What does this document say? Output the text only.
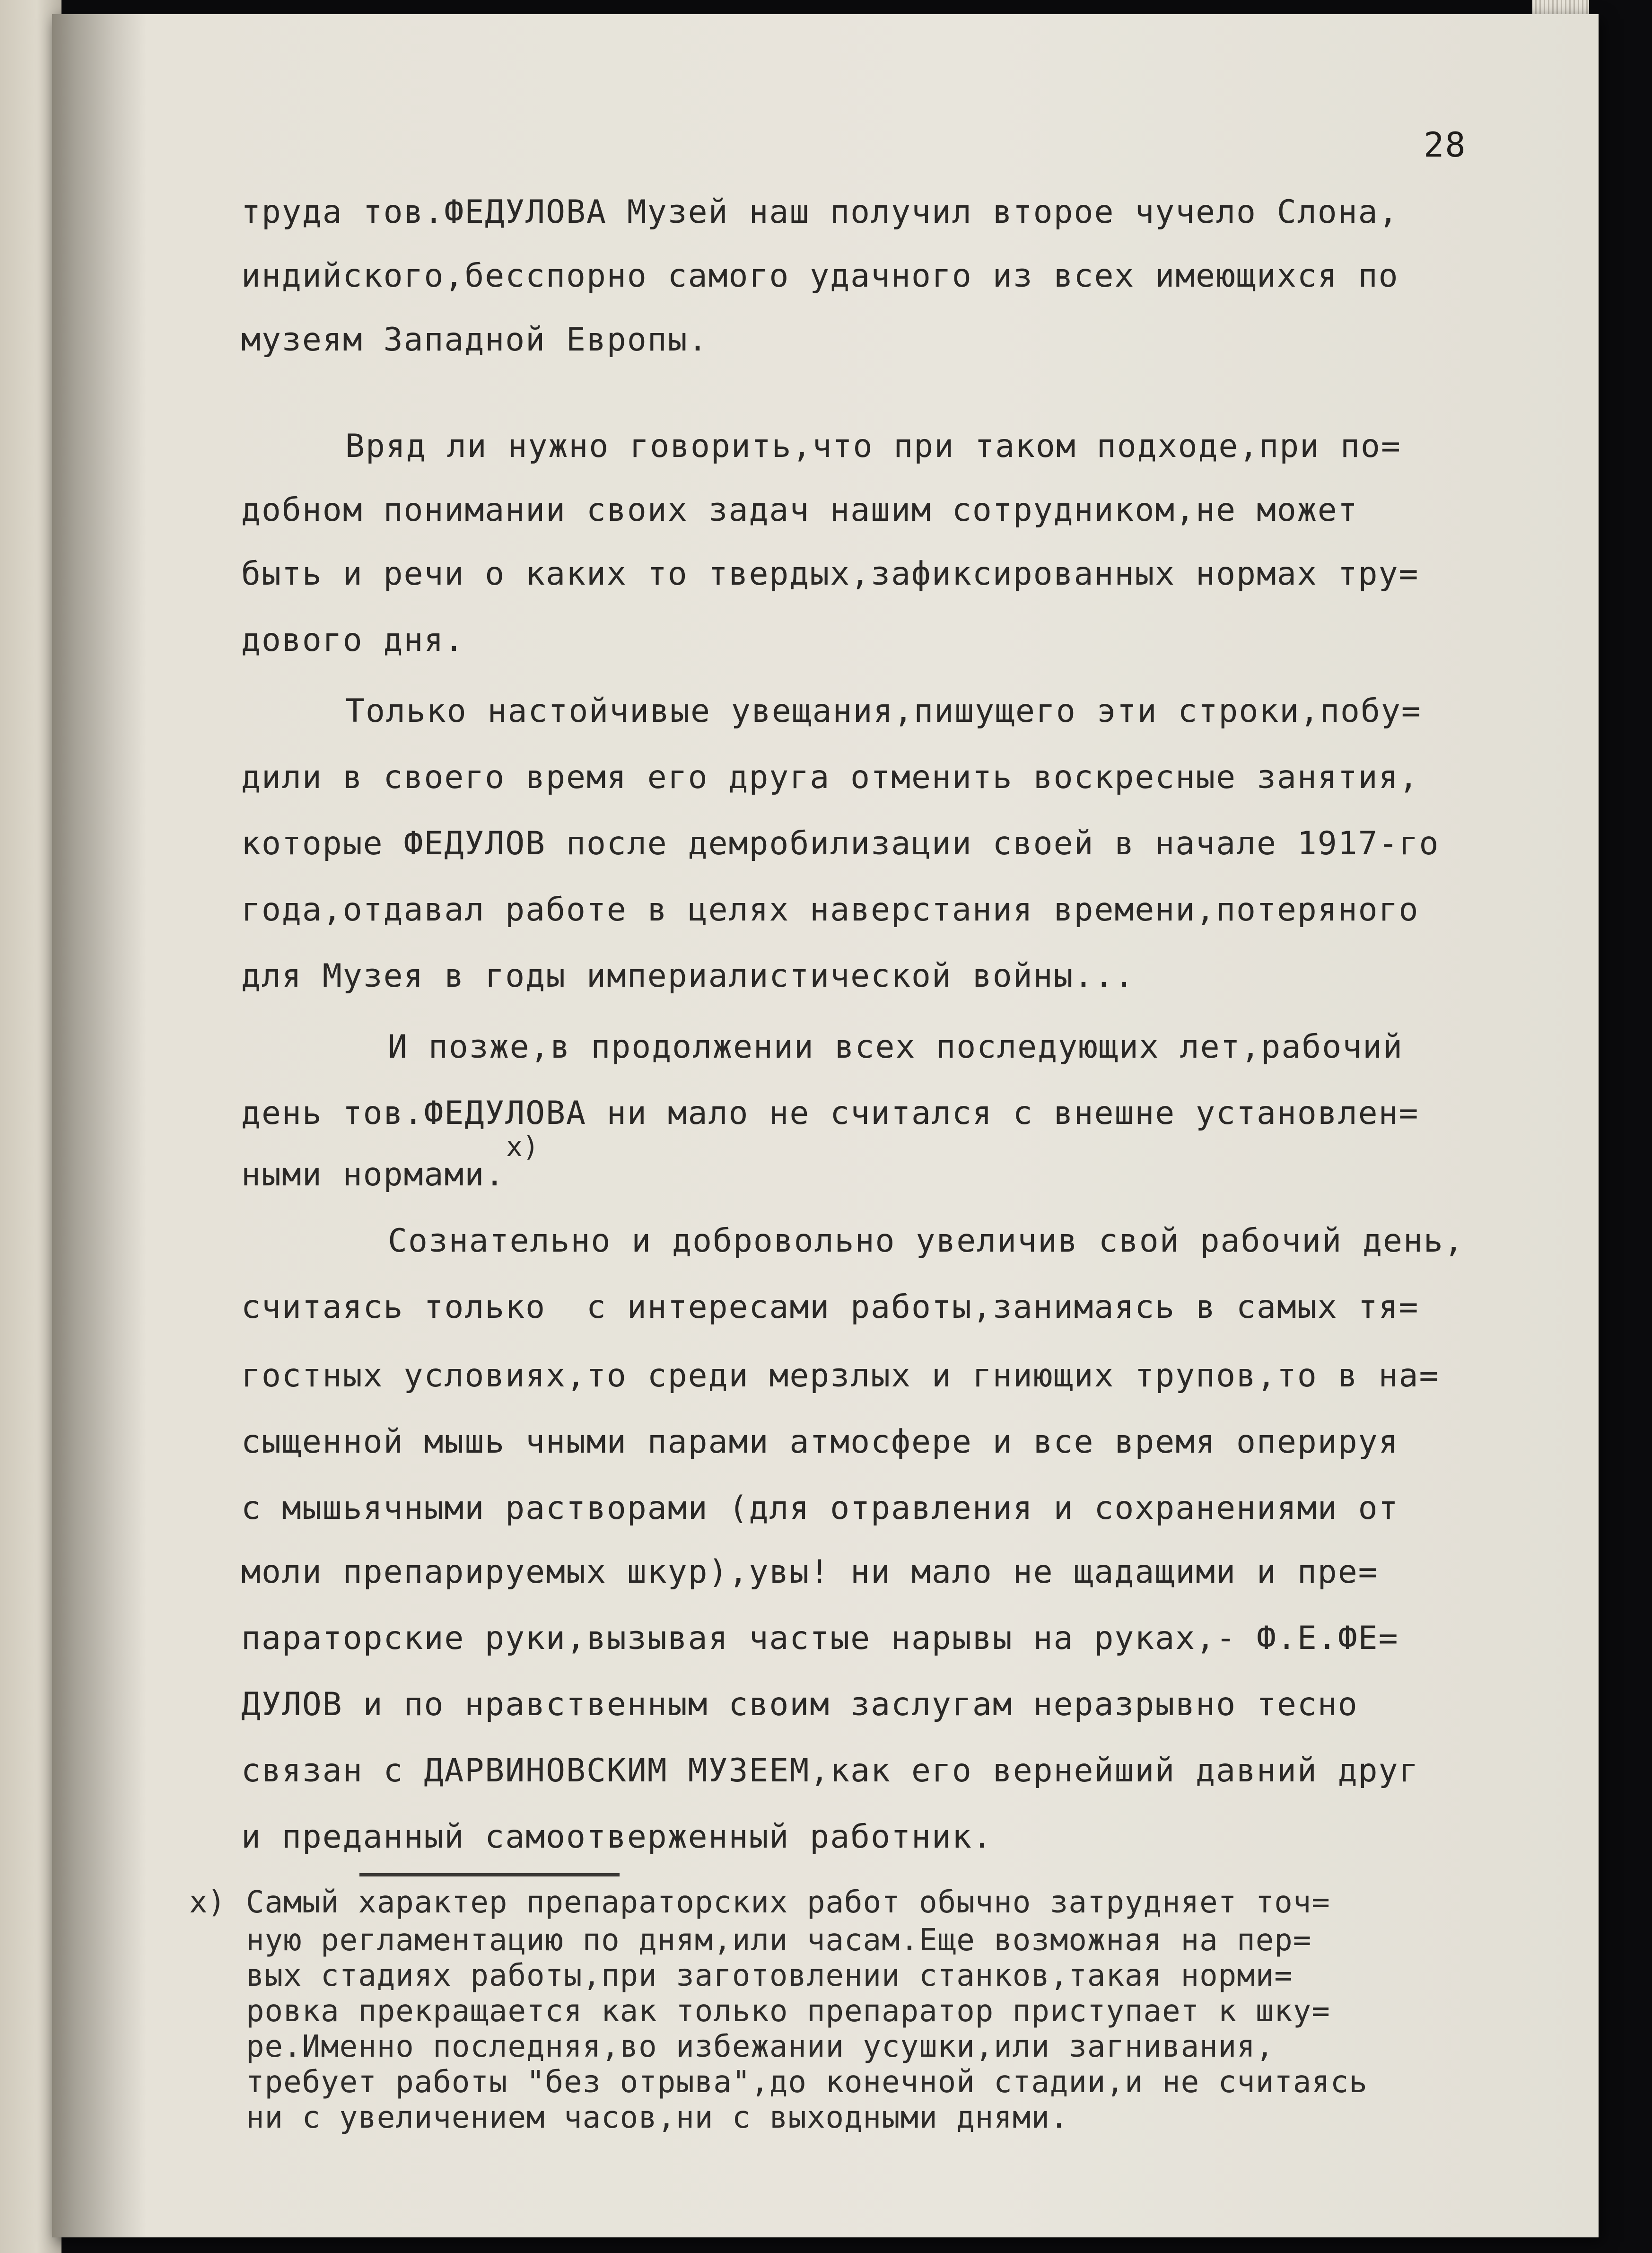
28
труда тов.ФЕДУЛОВА Музей наш получил второе чучело Слона,
индийского,бесспорно самого удачного из всех имеющихся по
музеям Западной Европы.
Вряд ли нужно говорить,что при таком подходе,при по=
добном понимании своих задач нашим сотрудником,не может
быть и речи о каких то твердых,зафиксированных нормах тру=
дового дня.
Только настойчивые увещания,пишущего эти строки,побу=
дили в своего время его друга отменить воскресные занятия,
которые ФЕДУЛОВ после демробилизации своей в начале 1917-го
года,отдавал работе в целях наверстания времени,потеряного
для Музея в годы империалистической войны...
И позже,в продолжении всех последующих лет,рабочий
день тов.ФЕДУЛОВА ни мало не считался с внешне установлен=
x)
ными нормами.
Сознательно и добровольно увеличив свой рабочий день,
считаясь только  с интересами работы,занимаясь в самых тя=
гостных условиях,то среди мерзлых и гниющих трупов,то в на=
сыщенной мышь чными парами атмосфере и все время оперируя
с мышьячными растворами (для отравления и сохранениями от
моли препарируемых шкур),увы! ни мало не щадащими и пре=
параторские руки,вызывая частые нарывы на руках,- Ф.Е.ФЕ=
ДУЛОВ и по нравственным своим заслугам неразрывно тесно
связан с ДАРВИНОВСКИМ МУЗЕЕМ,как его вернейший давний друг
и преданный самоотверженный работник.
x) Самый характер препараторских работ обычно затрудняет точ=
ную регламентацию по дням,или часам.Еще возможная на пер=
вых стадиях работы,при заготовлении станков,такая норми=
ровка прекращается как только препаратор приступает к шку=
ре.Именно последняя,во избежании усушки,или загнивания,
требует работы "без отрыва",до конечной стадии,и не считаясь
ни с увеличением часов,ни с выходными днями.
